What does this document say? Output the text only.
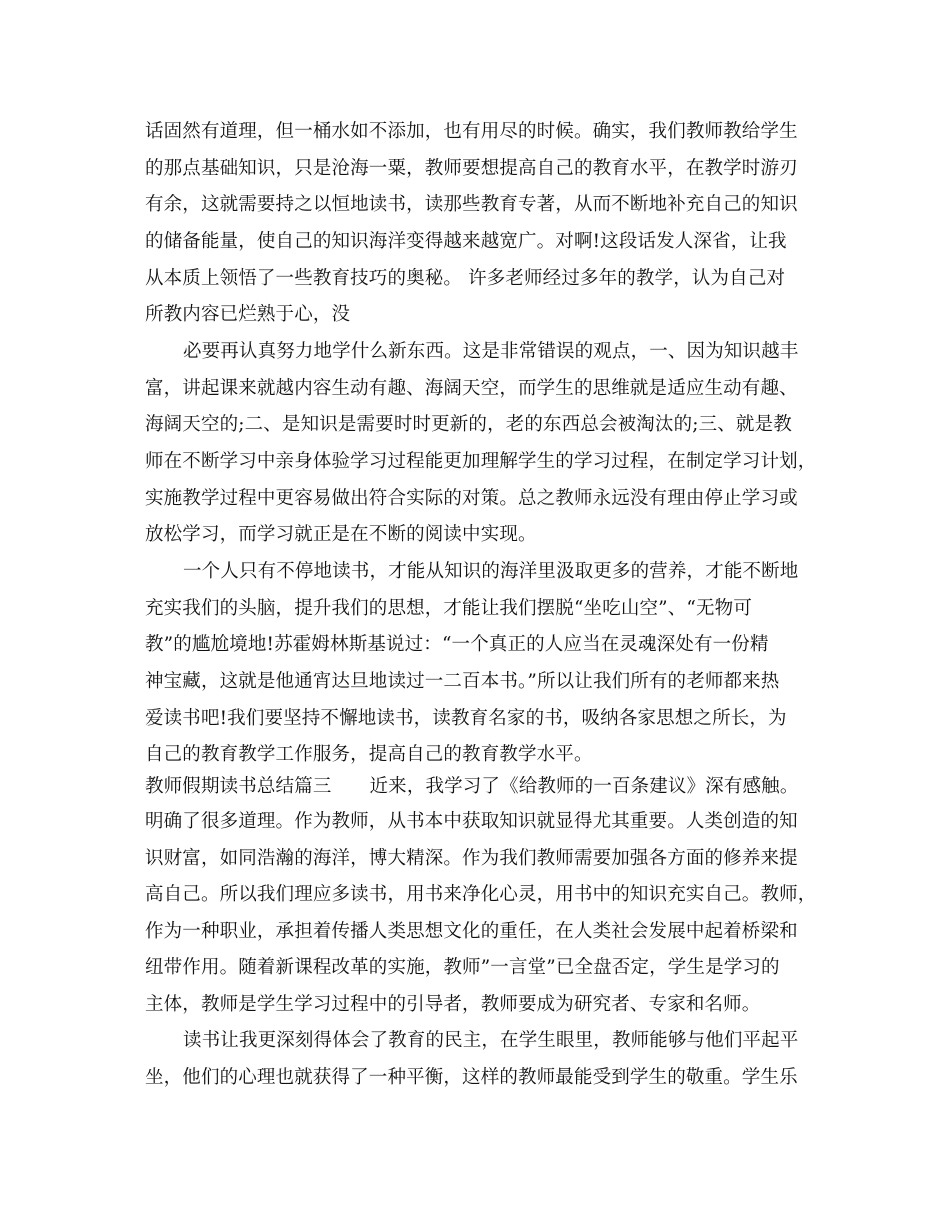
话固然有道理，但一桶水如不添加，也有用尽的时候。确实，我们教师教给学生
的那点基础知识，只是沧海一粟，教师要想提高自己的教育水平，在教学时游刃
有余，这就需要持之以恒地读书，读那些教育专著，从而不断地补充自己的知识
的储备能量，使自己的知识海洋变得越来越宽广。对啊!这段话发人深省，让我
从本质上领悟了一些教育技巧的奥秘。 许多老师经过多年的教学，认为自己对
所教内容已烂熟于心，没
必要再认真努力地学什么新东西。这是非常错误的观点，一、因为知识越丰
富，讲起课来就越内容生动有趣、海阔天空，而学生的思维就是适应生动有趣、
海阔天空的;二、是知识是需要时时更新的，老的东西总会被淘汰的;三、就是教
师在不断学习中亲身体验学习过程能更加理解学生的学习过程，在制定学习计划，
实施教学过程中更容易做出符合实际的对策。总之教师永远没有理由停止学习或
放松学习，而学习就正是在不断的阅读中实现。
一个人只有不停地读书，才能从知识的海洋里汲取更多的营养，才能不断地
充实我们的头脑，提升我们的思想，才能让我们摆脱“坐吃山空”、“无物可
教”的尴尬境地!苏霍姆林斯基说过：“一个真正的人应当在灵魂深处有一份精
神宝藏，这就是他通宵达旦地读过一二百本书。”所以让我们所有的老师都来热
爱读书吧!我们要坚持不懈地读书，读教育名家的书，吸纳各家思想之所长，为
自己的教育教学工作服务，提高自己的教育教学水平。
教师假期读书总结篇三 近来，我学习了《给教师的一百条建议》深有感触。
明确了很多道理。作为教师，从书本中获取知识就显得尤其重要。人类创造的知
识财富，如同浩瀚的海洋，博大精深。作为我们教师需要加强各方面的修养来提
高自己。所以我们理应多读书，用书来净化心灵，用书中的知识充实自己。教师，
作为一种职业，承担着传播人类思想文化的重任，在人类社会发展中起着桥梁和
纽带作用。随着新课程改革的实施，教师”一言堂”已全盘否定，学生是学习的
主体，教师是学生学习过程中的引导者，教师要成为研究者、专家和名师。
读书让我更深刻得体会了教育的民主，在学生眼里，教师能够与他们平起平
坐，他们的心理也就获得了一种平衡，这样的教师最能受到学生的敬重。学生乐
